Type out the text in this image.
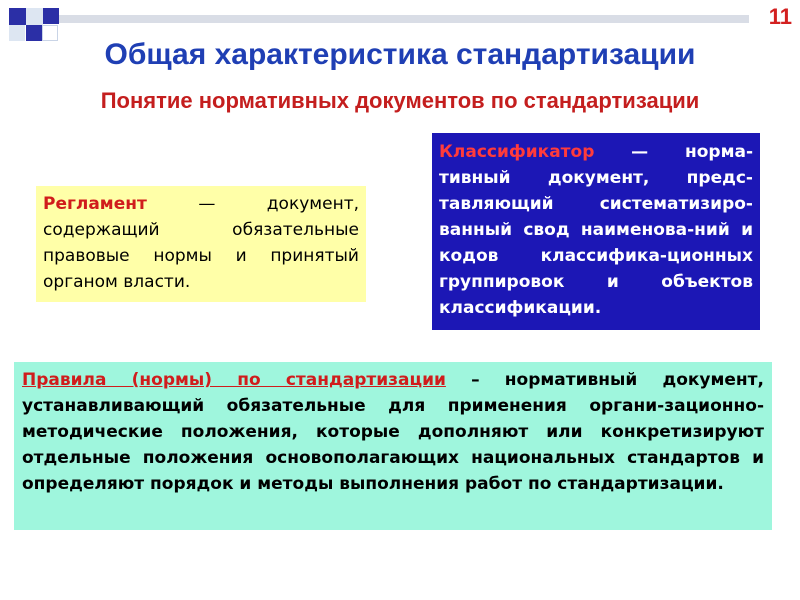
11
Общая характеристика стандартизации
Понятие нормативных документов по стандартизации
Регламент — документ, содержащий обязательные правовые нормы и принятый органом власти.
Классификатор — норма-тивный документ, предс-тавляющий систематизиро-ванный свод наименова-ний и кодов классифика-ционных группировок и объектов классификации.
Правила (нормы) по стандартизации – нормативный документ, устанавливающий обязательные для применения органи-зационно-методические положения, которые дополняют или конкретизируют отдельные положения основополагающих национальных стандартов и определяют порядок и методы выполнения работ по стандартизации.
